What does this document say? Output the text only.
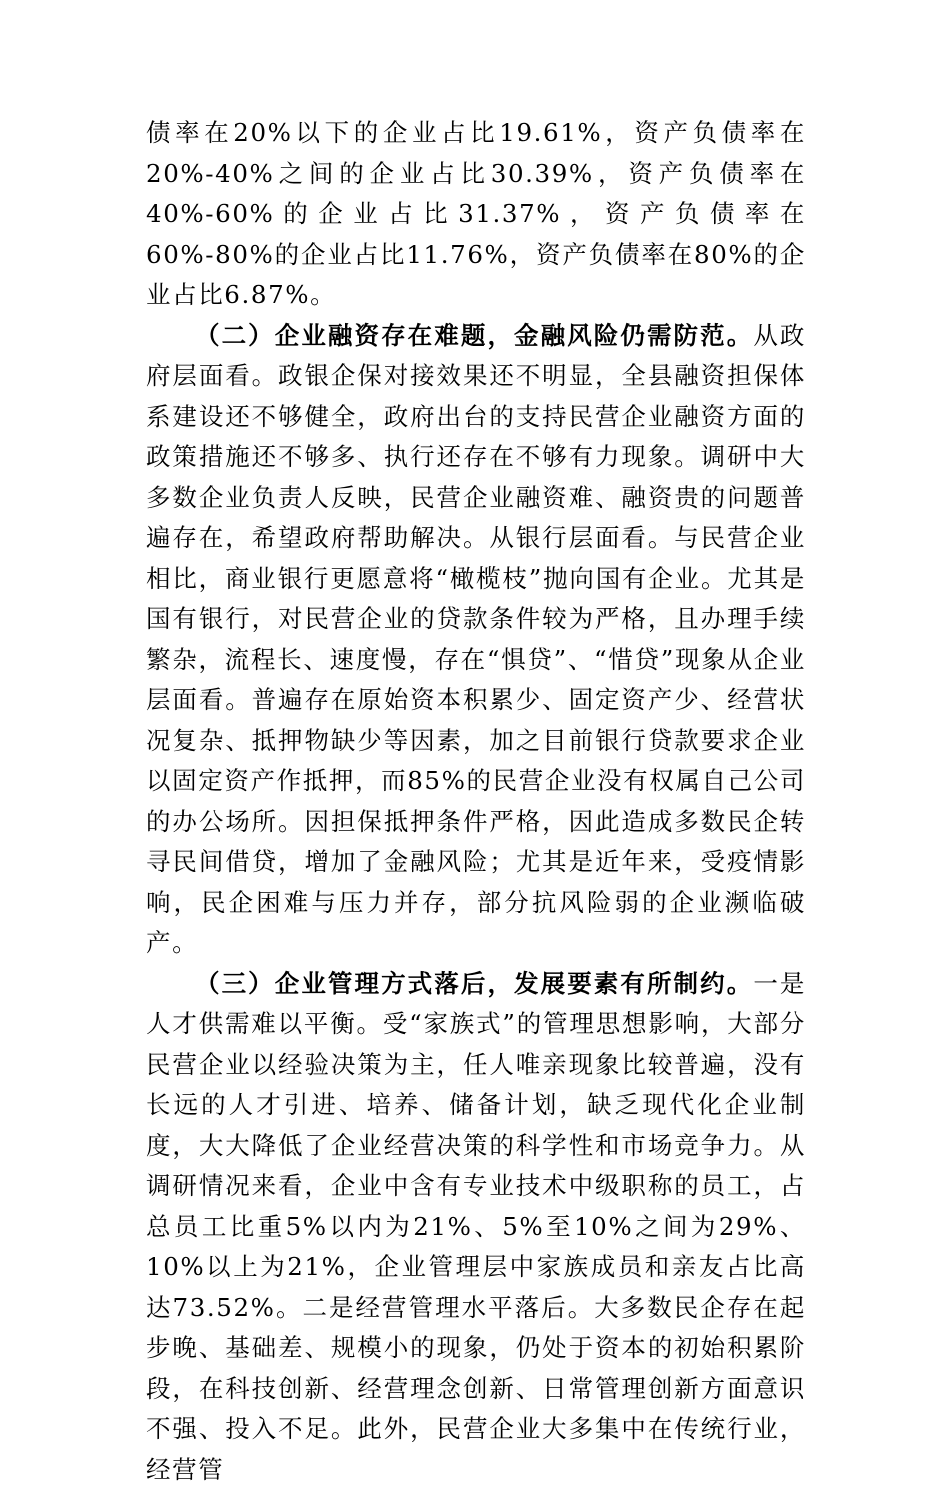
债率在20%以下的企业占比19.61%，资产负债率在20%-40%之间的企业占比30.39%，资产负债率在40%-60%的企业占比31.37%，资产负债率在60%-80%的企业占比11.76%，资产负债率在80%的企业占比6.87%。

（二）企业融资存在难题，金融风险仍需防范。从政府层面看。政银企保对接效果还不明显，全县融资担保体系建设还不够健全，政府出台的支持民营企业融资方面的政策措施还不够多、执行还存在不够有力现象。调研中大多数企业负责人反映，民营企业融资难、融资贵的问题普遍存在，希望政府帮助解决。从银行层面看。与民营企业相比，商业银行更愿意将“橄榄枝”抛向国有企业。尤其是国有银行，对民营企业的贷款条件较为严格，且办理手续繁杂，流程长、速度慢，存在“惧贷”、“惜贷”现象从企业层面看。普遍存在原始资本积累少、固定资产少、经营状况复杂、抵押物缺少等因素，加之目前银行贷款要求企业以固定资产作抵押，而85%的民营企业没有权属自己公司的办公场所。因担保抵押条件严格，因此造成多数民企转寻民间借贷，增加了金融风险；尤其是近年来，受疫情影响，民企困难与压力并存，部分抗风险弱的企业濒临破产。

（三）企业管理方式落后，发展要素有所制约。一是人才供需难以平衡。受“家族式”的管理思想影响，大部分民营企业以经验决策为主，任人唯亲现象比较普遍，没有长远的人才引进、培养、储备计划，缺乏现代化企业制度，大大降低了企业经营决策的科学性和市场竞争力。从调研情况来看，企业中含有专业技术中级职称的员工，占总员工比重5%以内为21%、5%至10%之间为29%、10%以上为21%，企业管理层中家族成员和亲友占比高达73.52%。二是经营管理水平落后。大多数民企存在起步晚、基础差、规模小的现象，仍处于资本的初始积累阶段，在科技创新、经营理念创新、日常管理创新方面意识不强、投入不足。此外，民营企业大多集中在传统行业，经营管
